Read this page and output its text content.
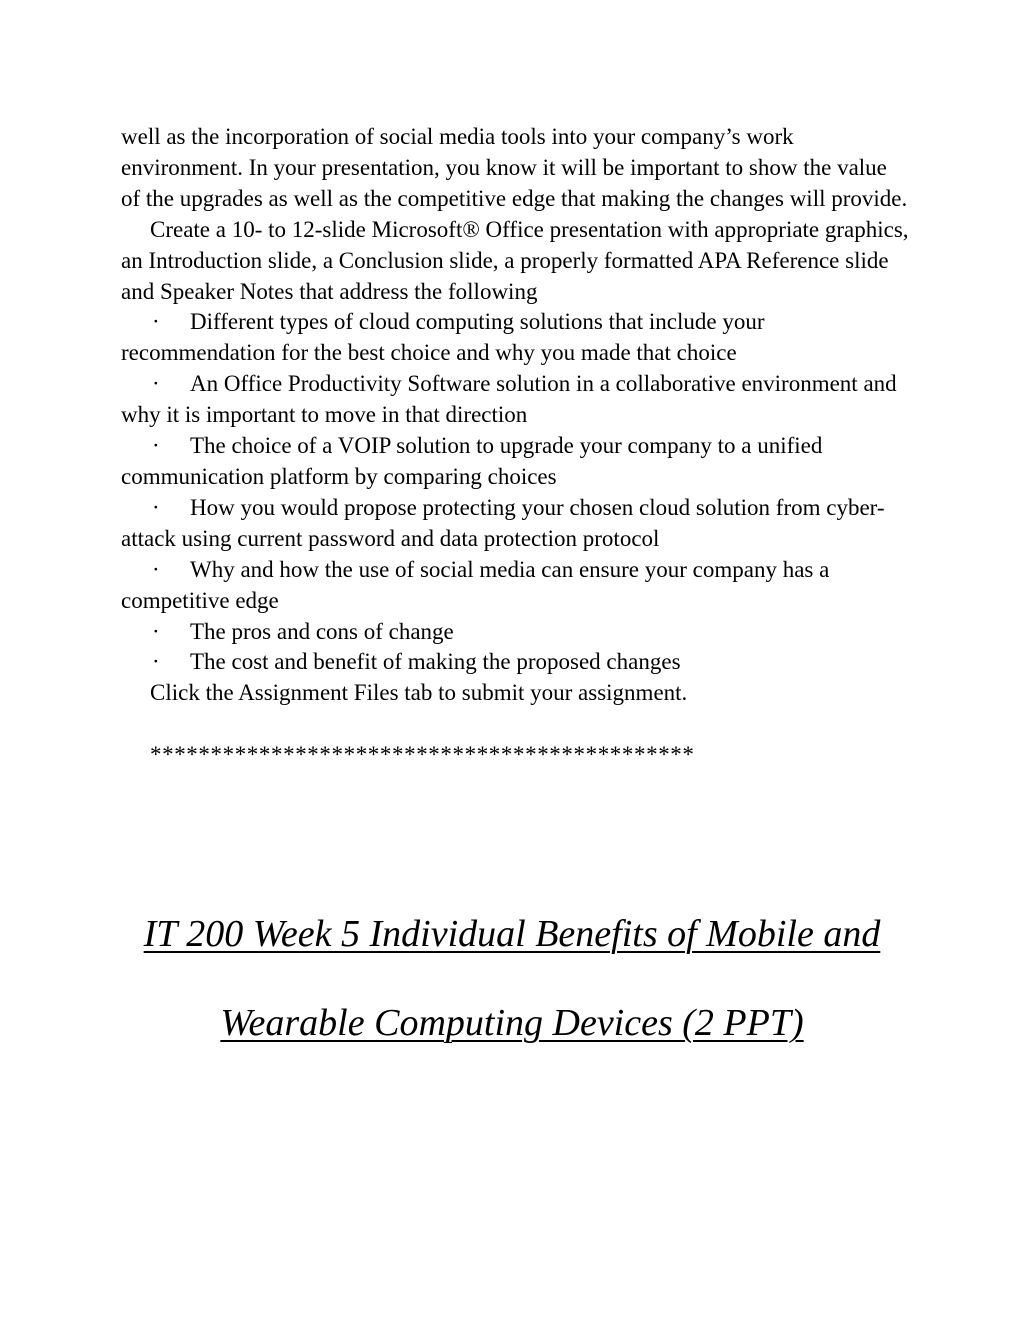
well as the incorporation of social media tools into your company’s work environment. In your presentation, you know it will be important to show the value of the upgrades as well as the competitive edge that making the changes will provide.

Create a 10- to 12-slide Microsoft® Office presentation with appropriate graphics, an Introduction slide, a Conclusion slide, a properly formatted APA Reference slide and Speaker Notes that address the following

· Different types of cloud computing solutions that include your recommendation for the best choice and why you made that choice

· An Office Productivity Software solution in a collaborative environment and why it is important to move in that direction

· The choice of a VOIP solution to upgrade your company to a unified communication platform by comparing choices

· How you would propose protecting your chosen cloud solution from cyber-attack using current password and data protection protocol

· Why and how the use of social media can ensure your company has a competitive edge

· The pros and cons of change

· The cost and benefit of making the proposed changes

Click the Assignment Files tab to submit your assignment.

*********************************************

IT 200 Week 5 Individual Benefits of Mobile and
Wearable Computing Devices (2 PPT)
